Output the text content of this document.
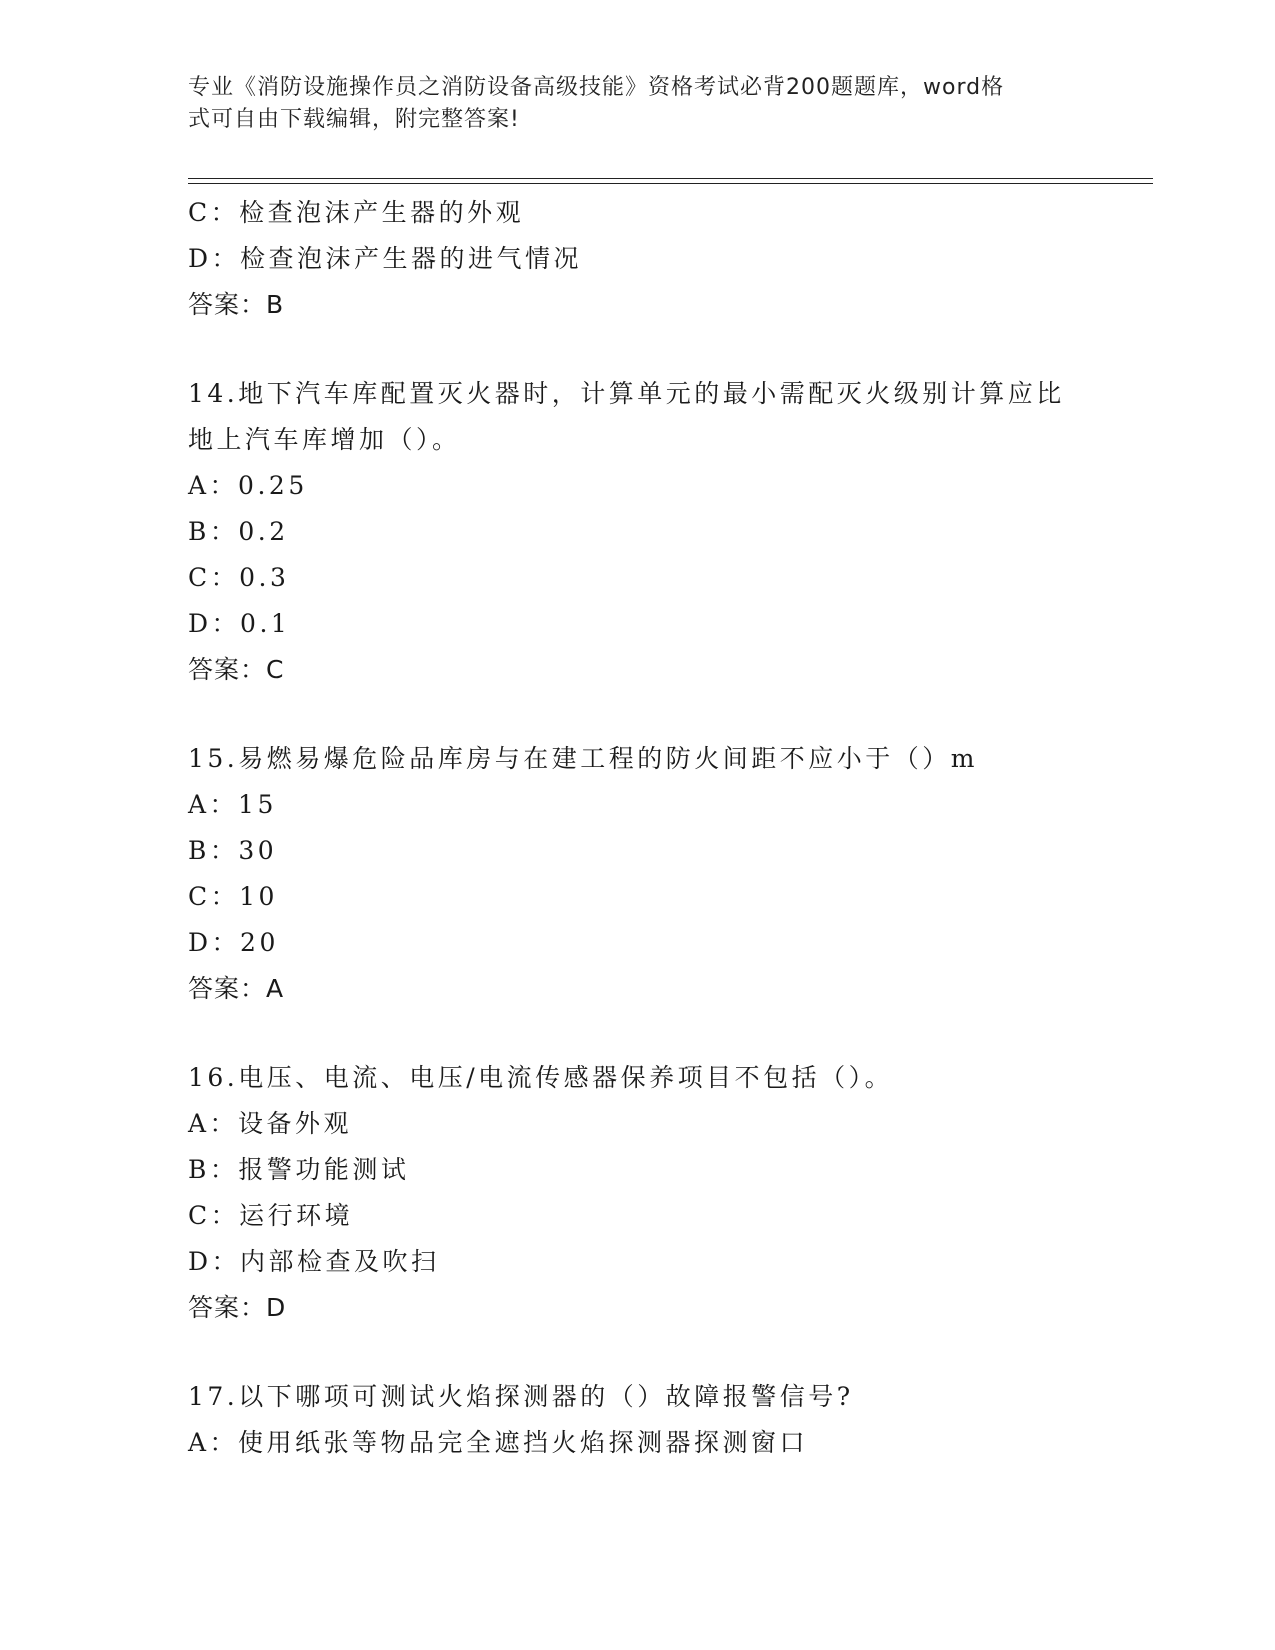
专业《消防设施操作员之消防设备高级技能》资格考试必背200题题库，word格
式可自由下载编辑，附完整答案!
C：检查泡沫产生器的外观
D：检查泡沫产生器的进气情况
答案：B
14.地下汽车库配置灭火器时，计算单元的最小需配灭火级别计算应比
地上汽车库增加（）。
A：0.25
B：0.2
C：0.3
D：0.1
答案：C
15.易燃易爆危险品库房与在建工程的防火间距不应小于（）m
A：15
B：30
C：10
D：20
答案：A
16.电压、电流、电压/电流传感器保养项目不包括（）。
A：设备外观
B：报警功能测试
C：运行环境
D：内部检查及吹扫
答案：D
17.以下哪项可测试火焰探测器的（）故障报警信号?
A：使用纸张等物品完全遮挡火焰探测器探测窗口
